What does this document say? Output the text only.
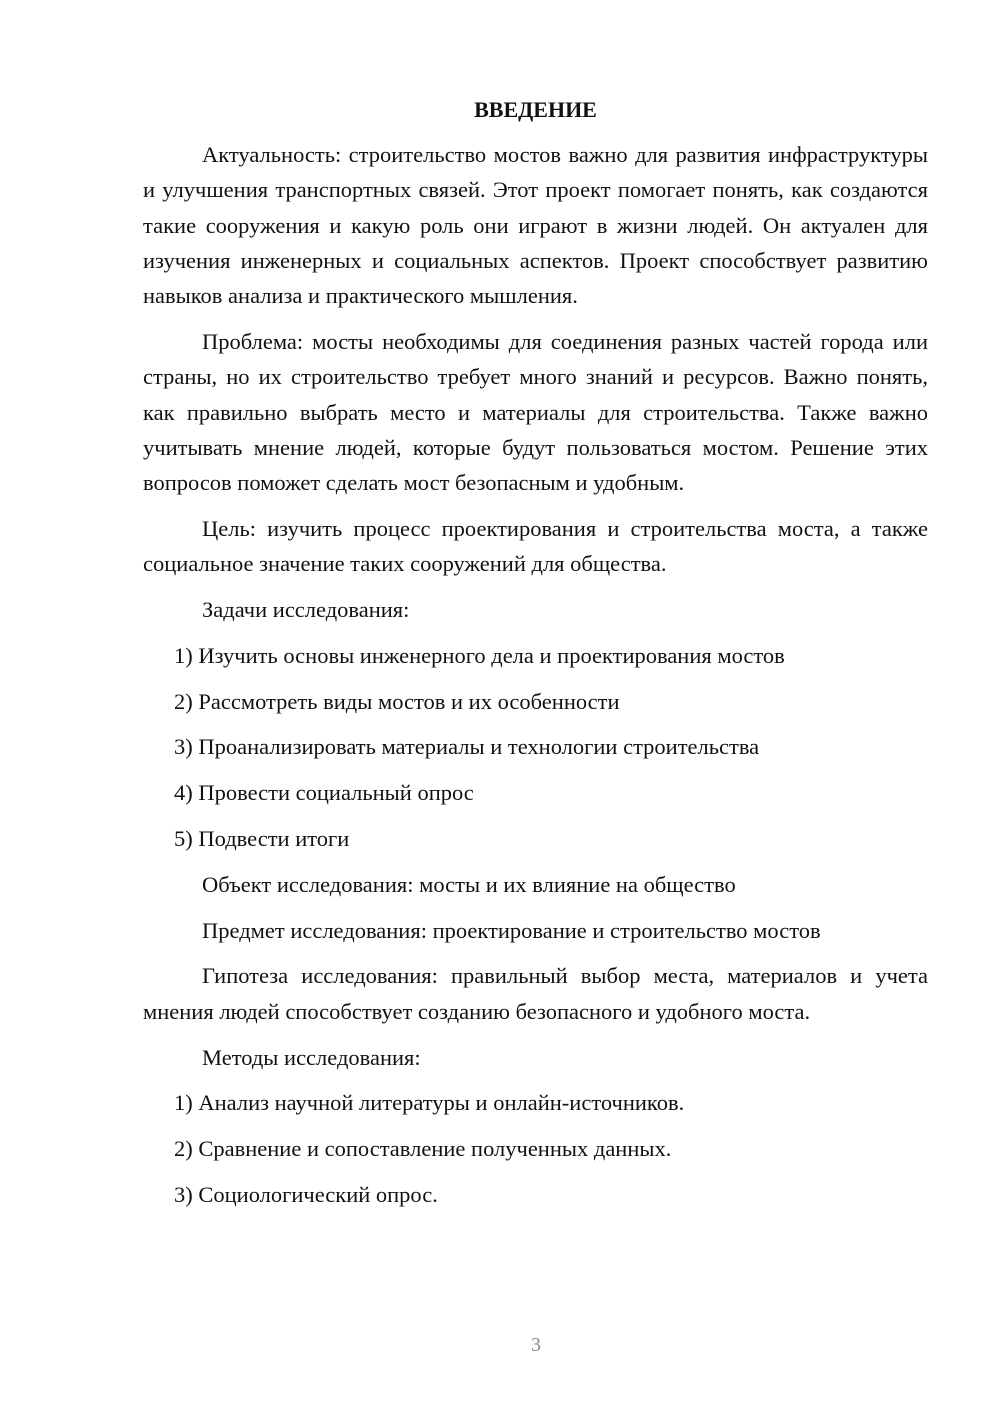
ВВЕДЕНИЕ

Актуальность: строительство мостов важно для развития инфраструктуры и улучшения транспортных связей. Этот проект помогает понять, как создаются такие сооружения и какую роль они играют в жизни людей. Он актуален для изучения инженерных и социальных аспектов. Проект способствует развитию навыков анализа и практического мышления.

Проблема: мосты необходимы для соединения разных частей города или страны, но их строительство требует много знаний и ресурсов. Важно понять, как правильно выбрать место и материалы для строительства. Также важно учитывать мнение людей, которые будут пользоваться мостом. Решение этих вопросов поможет сделать мост безопасным и удобным.

Цель: изучить процесс проектирования и строительства моста, а также социальное значение таких сооружений для общества.

Задачи исследования:
1) Изучить основы инженерного дела и проектирования мостов
2) Рассмотреть виды мостов и их особенности
3) Проанализировать материалы и технологии строительства
4) Провести социальный опрос
5) Подвести итоги
Объект исследования: мосты и их влияние на общество
Предмет исследования: проектирование и строительство мостов

Гипотеза исследования: правильный выбор места, материалов и учета мнения людей способствует созданию безопасного и удобного моста.

Методы исследования:
1) Анализ научной литературы и онлайн-источников.
2) Сравнение и сопоставление полученных данных.
3) Социологический опрос.
3
